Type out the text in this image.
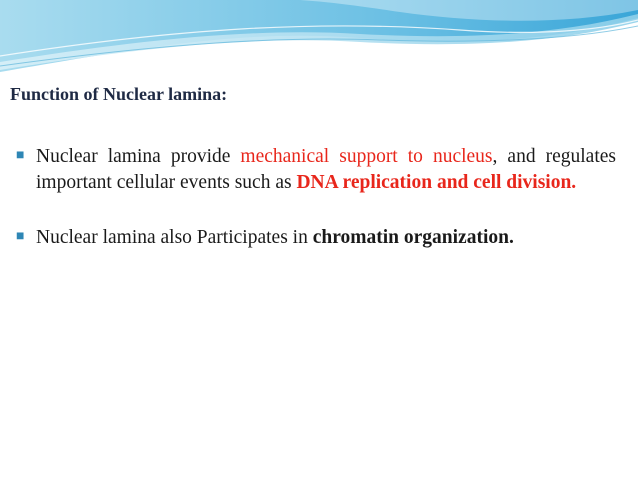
Function of Nuclear lamina:
■ Nuclear lamina provide mechanical support to nucleus, and regulates important cellular events such as DNA replication and cell division.
■ Nuclear lamina also Participates in chromatin organization.
